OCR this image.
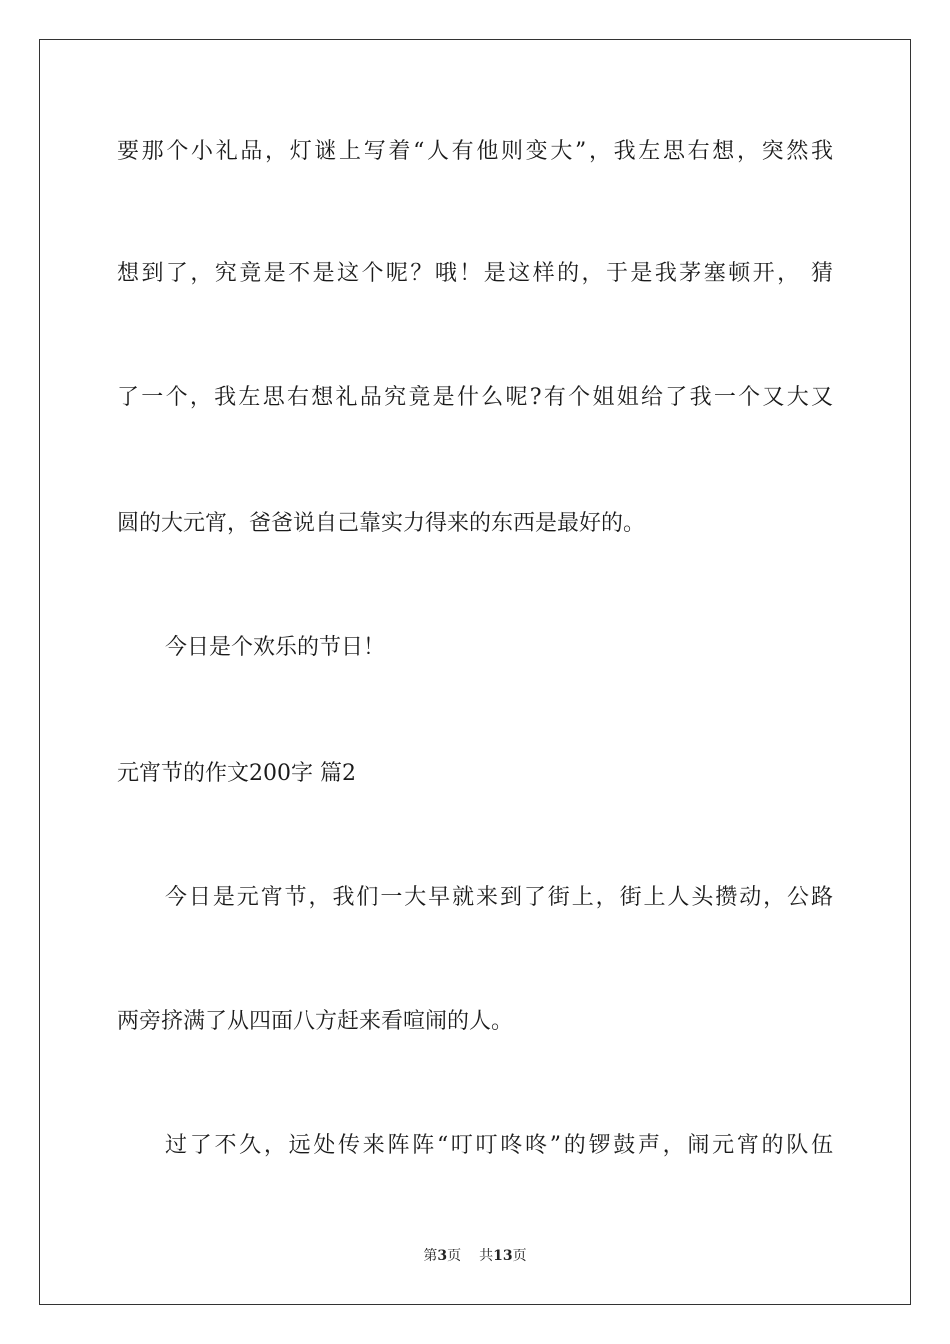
要那个小礼品，灯谜上写着“人有他则变大”，我左思右想，突然我
想到了，究竟是不是这个呢？哦！是这样的，于是我茅塞顿开， 猜
了一个，我左思右想礼品究竟是什么呢?有个姐姐给了我一个又大又
圆的大元宵，爸爸说自己靠实力得来的东西是最好的。
今日是个欢乐的节日！
元宵节的作文200字 篇2
今日是元宵节，我们一大早就来到了街上，街上人头攒动，公路
两旁挤满了从四面八方赶来看喧闹的人。
过了不久，远处传来阵阵“叮叮咚咚”的锣鼓声，闹元宵的队伍
第3页 共13页
